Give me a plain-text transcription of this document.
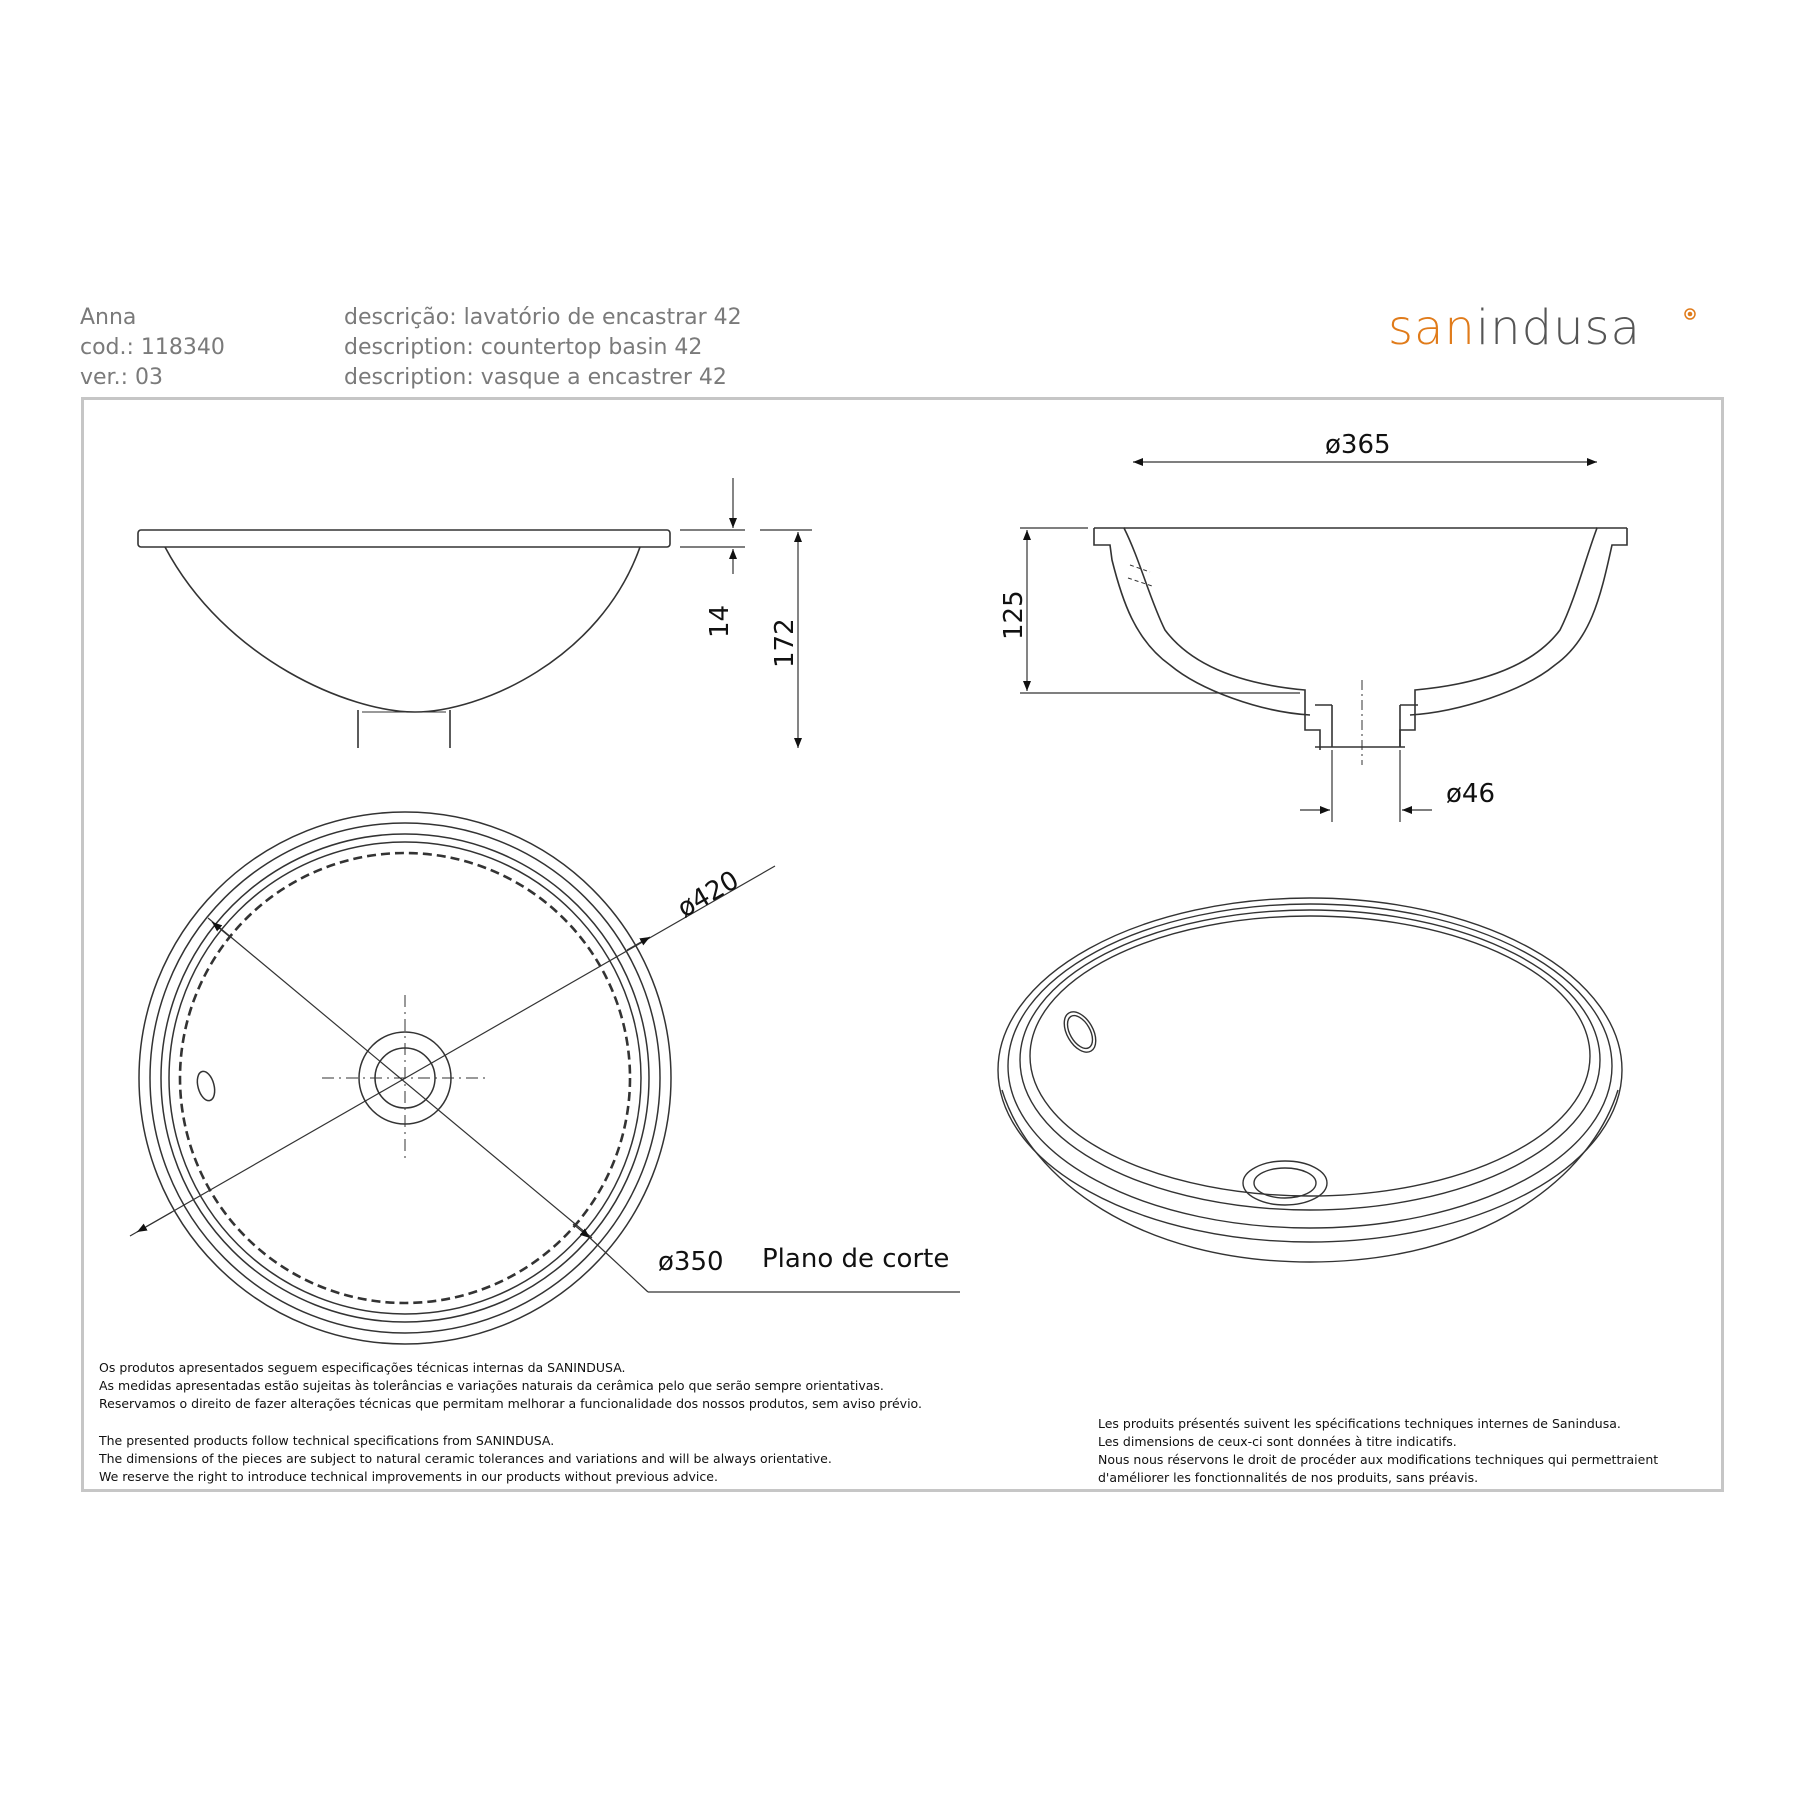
Anna
cod.: 118340
ver.: 03
descrição: lavatório de encastrar 42
description: countertop basin 42
description: vasque a encastrer 42
sanindusa
14 172
ø365
125
ø46
ø420
ø350 Plano de corte
Os produtos apresentados seguem especificações técnicas internas da SANINDUSA.
As medidas apresentadas estão sujeitas às tolerâncias e variações naturais da cerâmica pelo que serão sempre orientativas.
Reservamos o direito de fazer alterações técnicas que permitam melhorar a funcionalidade dos nossos produtos, sem aviso prévio.
The presented products follow technical specifications from SANINDUSA.
The dimensions of the pieces are subject to natural ceramic tolerances and variations and will be always orientative.
We reserve the right to introduce technical improvements in our products without previous advice.
Les produits présentés suivent les spécifications techniques internes de Sanindusa.
Les dimensions de ceux-ci sont données à titre indicatifs.
Nous nous réservons le droit de procéder aux modifications techniques qui permettraient
d'améliorer les fonctionnalités de nos produits, sans préavis.
